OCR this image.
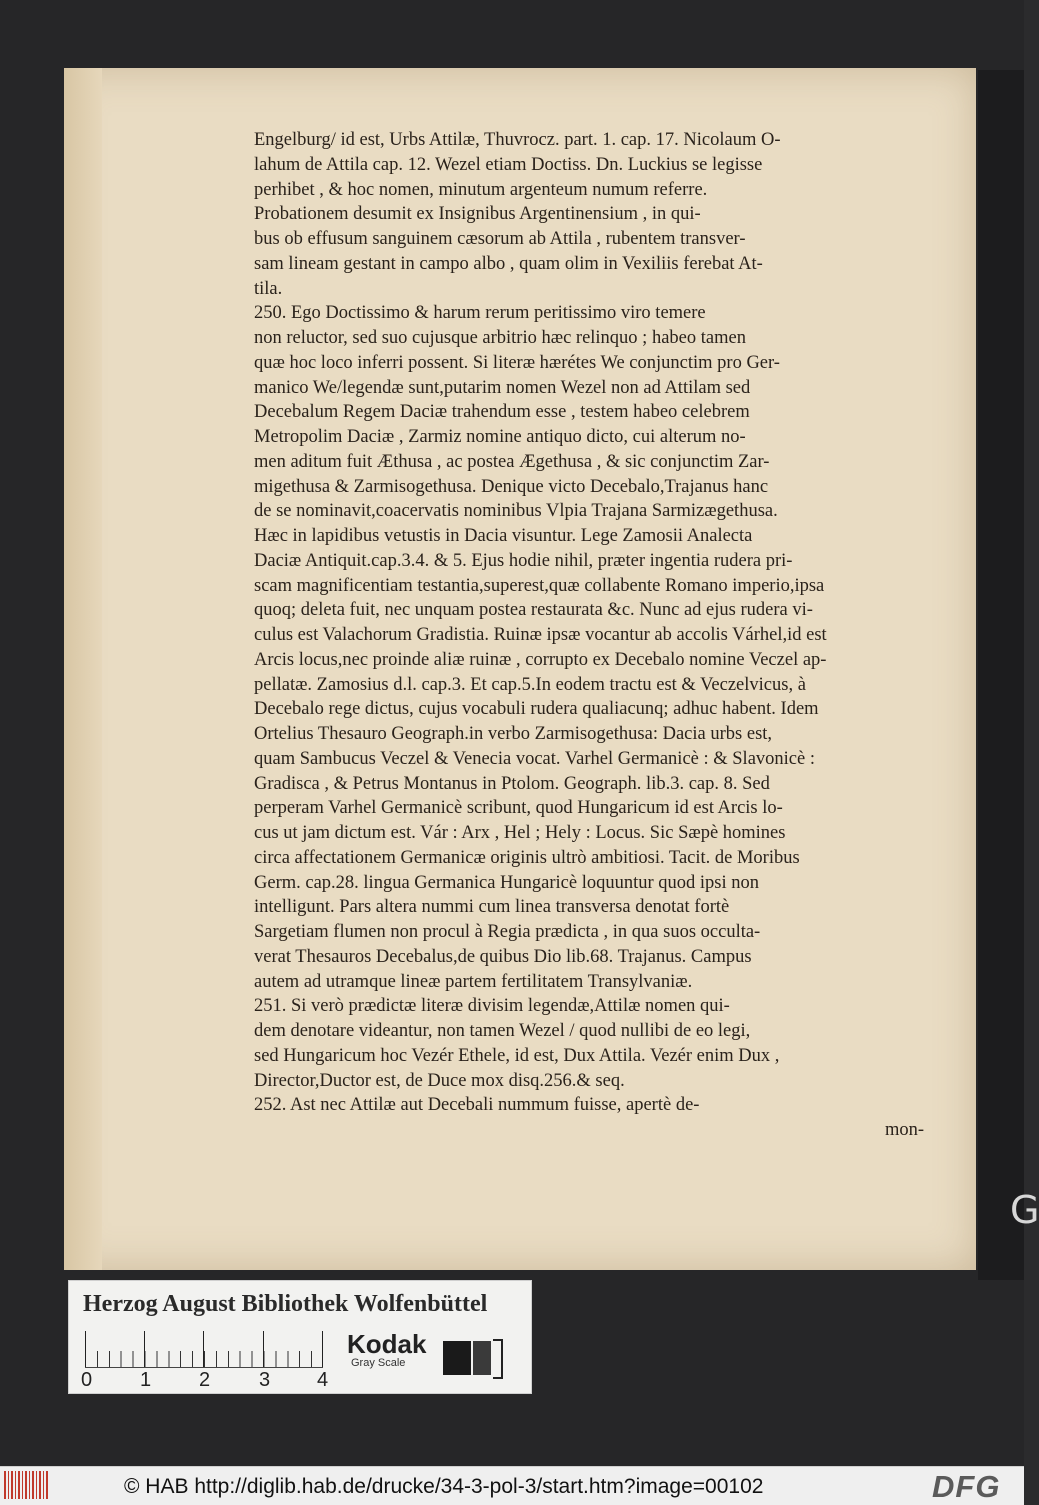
G
Engelburg/ id est, Urbs Attilæ, Thuvrocz. part. 1. cap. 17. Nicolaum O-
lahum de Attila cap. 12. Wezel etiam Doctiss. Dn. Luckius se legisse
perhibet , & hoc nomen, minutum argenteum numum referre.
Probationem desumit ex Insignibus Argentinensium , in qui-
bus ob effusum sanguinem cæsorum ab Attila , rubentem transver-
sam lineam gestant in campo albo , quam olim in Vexiliis ferebat At-
tila.
250. Ego Doctissimo & harum rerum peritissimo viro temere
non reluctor, sed suo cujusque arbitrio hæc relinquo ; habeo tamen
quæ hoc loco inferri possent. Si literæ hærétes We conjunctim pro Ger-
manico We/legendæ sunt,putarim nomen Wezel non ad Attilam sed
Decebalum Regem Daciæ trahendum esse , testem habeo celebrem
Metropolim Daciæ , Zarmiz nomine antiquo dicto, cui alterum no-
men aditum fuit Æthusa , ac postea Ægethusa , & sic conjunctim Zar-
migethusa & Zarmisogethusa. Denique victo Decebalo,Trajanus hanc
de se nominavit,coacervatis nominibus Vlpia Trajana Sarmizægethusa.
Hæc in lapidibus vetustis in Dacia visuntur. Lege Zamosii Analecta
Daciæ Antiquit.cap.3.4. & 5. Ejus hodie nihil, præter ingentia rudera pri-
scam magnificentiam testantia,superest,quæ collabente Romano imperio,ipsa
quoq; deleta fuit, nec unquam postea restaurata &c. Nunc ad ejus rudera vi-
culus est Valachorum Gradistia. Ruinæ ipsæ vocantur ab accolis Várhel,id est
Arcis locus,nec proinde aliæ ruinæ , corrupto ex Decebalo nomine Veczel ap-
pellatæ. Zamosius d.l. cap.3. Et cap.5.In eodem tractu est & Veczelvicus, à
Decebalo rege dictus, cujus vocabuli rudera qualiacunq; adhuc habent. Idem
Ortelius Thesauro Geograph.in verbo Zarmisogethusa: Dacia urbs est,
quam Sambucus Veczel & Venecia vocat. Varhel Germanicè : & Slavonicè :
Gradisca , & Petrus Montanus in Ptolom. Geograph. lib.3. cap. 8. Sed
perperam Varhel Germanicè scribunt, quod Hungaricum id est Arcis lo-
cus ut jam dictum est. Vár : Arx , Hel ; Hely : Locus. Sic Sæpè homines
circa affectationem Germanicæ originis ultrò ambitiosi. Tacit. de Moribus
Germ. cap.28. lingua Germanica Hungaricè loquuntur quod ipsi non
intelligunt. Pars altera nummi cum linea transversa denotat fortè
Sargetiam flumen non procul à Regia prædicta , in qua suos occulta-
verat Thesauros Decebalus,de quibus Dio lib.68. Trajanus. Campus
autem ad utramque lineæ partem fertilitatem Transylvaniæ.
251. Si verò prædictæ literæ divisim legendæ,Attilæ nomen qui-
dem denotare videantur, non tamen Wezel / quod nullibi de eo legi,
sed Hungaricum hoc Vezér Ethele, id est, Dux Attila. Vezér enim Dux ,
Director,Ductor est, de Duce mox disq.256.& seq.
252. Ast nec Attilæ aut Decebali nummum fuisse, apertè de-
mon-
Herzog August Bibliothek Wolfenbüttel
0 1 2 3 4
Kodak
Gray Scale
© HAB http://diglib.hab.de/drucke/34-3-pol-3/start.htm?image=00102	DFG
